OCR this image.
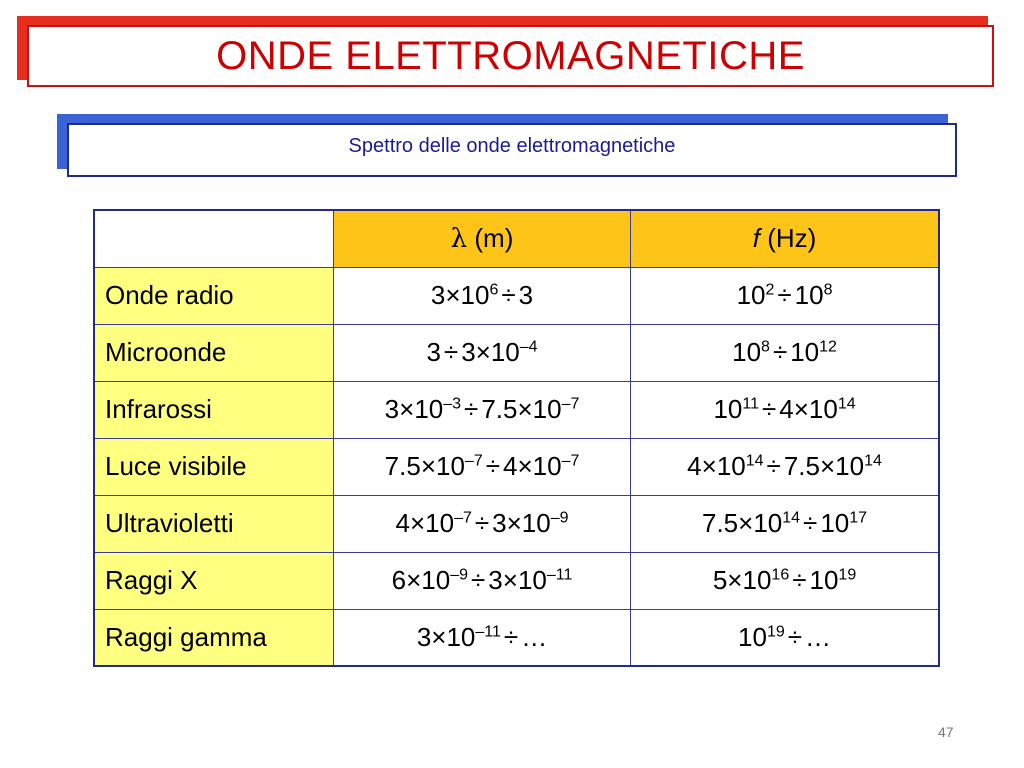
ONDE ELETTROMAGNETICHE
Spettro delle onde elettromagnetiche
	λ (m)	f (Hz)
Onde radio	$3\times 10^6 \div 3$	$10^2 \div 10^8$
Microonde	$3 \div 3\times 10^{-4}$	$10^8 \div 10^{12}$
Infrarossi	$3\times 10^{-3} \div 7.5\times 10^{-7}$	$10^{11} \div 4\times 10^{14}$
Luce visibile	$7.5\times 10^{-7} \div 4\times 10^{-7}$	$4\times 10^{14} \div 7.5\times 10^{14}$
Ultravioletti	$4\times 10^{-7} \div 3\times 10^{-9}$	$7.5\times 10^{14} \div 10^{17}$
Raggi X	$6\times 10^{-9} \div 3\times 10^{-11}$	$5\times 10^{16} \div 10^{19}$
Raggi gamma	$3\times 10^{-11}$ ÷ …	$10^{19}$ ÷ …
47
